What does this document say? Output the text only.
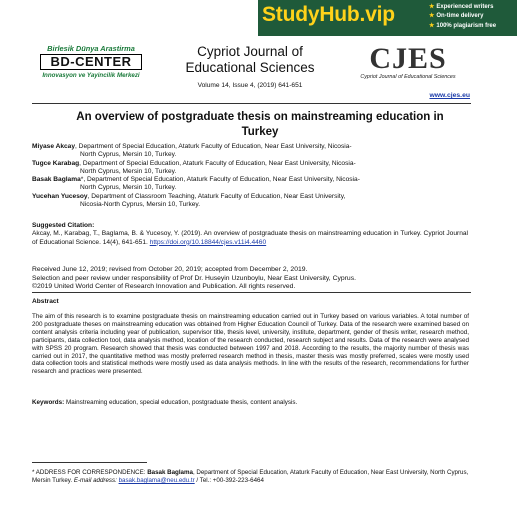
StudyHub.vip	★ Experienced writers
★ On-time delivery
★ 100% plagiarism free
Birlesik Dünya Arastirma
BD-CENTER
Innovasyon ve Yayincilik Merkezi
Cypriot Journal of Educational Sciences
Volume 14, Issue 4, (2019) 641-651
CJES
Cypriot Journal of Educational Sciences
www.cjes.eu
An overview of postgraduate thesis on mainstreaming education in Turkey
Miyase Akcay, Department of Special Education, Ataturk Faculty of Education, Near East University, Nicosia-
North Cyprus, Mersin 10, Turkey.
Tugce Karabag, Department of Special Education, Ataturk Faculty of Education, Near East University, Nicosia-
North Cyprus, Mersin 10, Turkey.
Basak Baglama*, Department of Special Education, Ataturk Faculty of Education, Near East University, Nicosia-
North Cyprus, Mersin 10, Turkey.
Yucehan Yucesoy, Department of Classroom Teaching, Ataturk Faculty of Education, Near East University,
Nicosia-North Cyprus, Mersin 10, Turkey.
Suggested Citation:
Akcay, M., Karabag, T., Baglama, B. & Yucesoy, Y. (2019). An overview of postgraduate thesis on mainstreaming education in Turkey. Cypriot Journal of Educational Science. 14(4), 641-651. https://doi.org/10.18844/cjes.v11i4.4460
Received June 12, 2019; revised from October 20, 2019; accepted from December 2, 2019.
Selection and peer review under responsibility of Prof Dr. Huseyin Uzunboylu, Near East University, Cyprus.
©2019 United World Center of Research Innovation and Publication. All rights reserved.
Abstract
The aim of this research is to examine postgraduate thesis on mainstreaming education carried out in Turkey based on various variables. A total number of 200 postgraduate theses on mainstreaming education was obtained from Higher Education Council of Turkey. Data of the research were examined based on content analysis criteria including year of publication, supervisor title, thesis level, university, institute, department, gender of thesis writer, research method, participants, data collection tool, data analysis method, location of the research conducted, research subject and results. Data of the research were analysed with SPSS 20 program. Research showed that thesis was conducted between 1997 and 2018. According to the results, the majority number of thesis was carried out in 2017, the quantitative method was mostly preferred research method in thesis, master thesis was mostly preferred, scales were mostly used data collection tools and statistical methods were mostly used as data analysis methods. In line with the results of the research, recommendations for further research and practices were presented.
Keywords: Mainstreaming education, special education, postgraduate thesis, content analysis.
* ADDRESS FOR CORRESPONDENCE: Basak Baglama, Department of Special Education, Ataturk Faculty of Education, Near East University, North Cyprus, Mersin Turkey. E-mail address: basak.baglama@neu.edu.tr / Tel.: +00-392-223-6464
